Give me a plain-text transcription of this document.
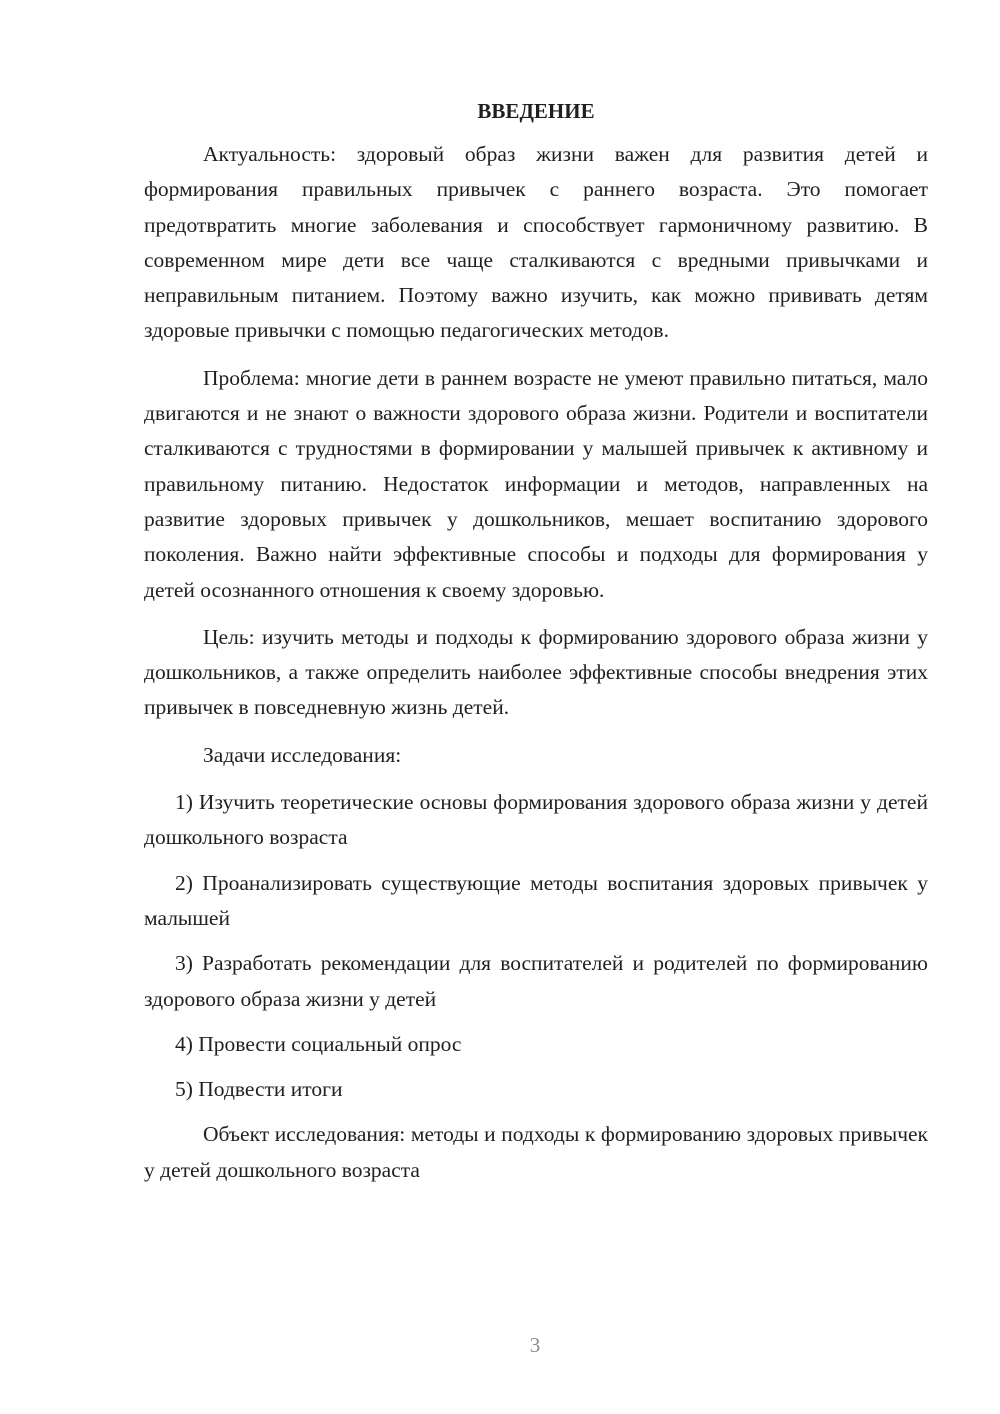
ВВЕДЕНИЕ

Актуальность: здоровый образ жизни важен для развития детей и формирования правильных привычек с раннего возраста. Это помогает предотвратить многие заболевания и способствует гармоничному развитию. В современном мире дети все чаще сталкиваются с вредными привычками и неправильным питанием. Поэтому важно изучить, как можно прививать детям здоровые привычки с помощью педагогических методов.

Проблема: многие дети в раннем возрасте не умеют правильно питаться, мало двигаются и не знают о важности здорового образа жизни. Родители и воспитатели сталкиваются с трудностями в формировании у малышей привычек к активному и правильному питанию. Недостаток информации и методов, направленных на развитие здоровых привычек у дошкольников, мешает воспитанию здорового поколения. Важно найти эффективные способы и подходы для формирования у детей осознанного отношения к своему здоровью.

Цель: изучить методы и подходы к формированию здорового образа жизни у дошкольников, а также определить наиболее эффективные способы внедрения этих привычек в повседневную жизнь детей.

Задачи исследования:

1) Изучить теоретические основы формирования здорового образа жизни у детей дошкольного возраста

2) Проанализировать существующие методы воспитания здоровых привычек у малышей

3) Разработать рекомендации для воспитателей и родителей по формированию здорового образа жизни у детей

4) Провести социальный опрос

5) Подвести итоги

Объект исследования: методы и подходы к формированию здоровых привычек у детей дошкольного возраста

3
